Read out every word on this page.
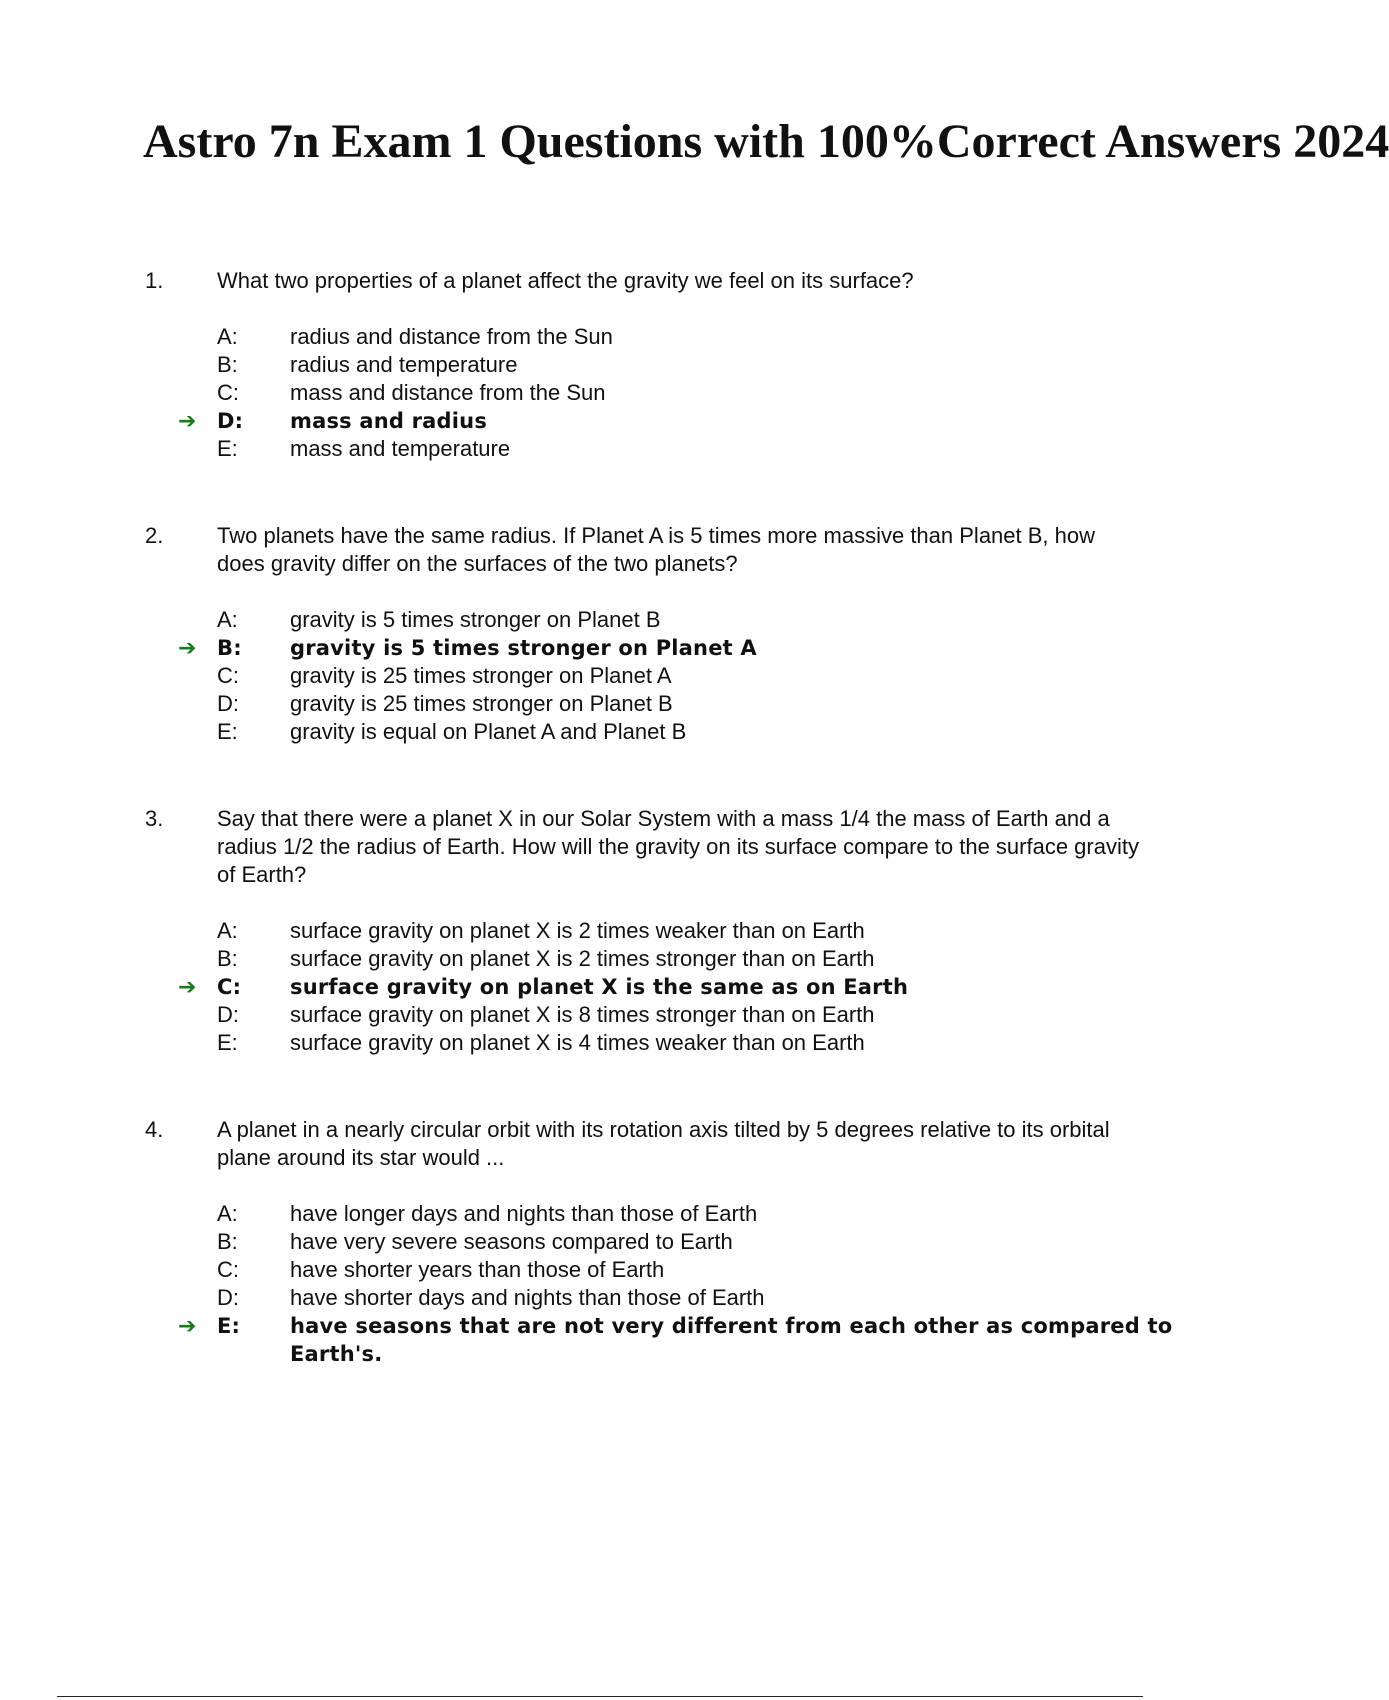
Astro 7n Exam 1 Questions with 100%Correct Answers 2024
1. What two properties of a planet affect the gravity we feel on its surface?
A: radius and distance from the Sun
B: radius and temperature
C: mass and distance from the Sun
➔ D: mass and radius
E: mass and temperature
2. Two planets have the same radius. If Planet A is 5 times more massive than Planet B, how does gravity differ on the surfaces of the two planets?
A: gravity is 5 times stronger on Planet B
➔ B: gravity is 5 times stronger on Planet A
C: gravity is 25 times stronger on Planet A
D: gravity is 25 times stronger on Planet B
E: gravity is equal on Planet A and Planet B
3. Say that there were a planet X in our Solar System with a mass 1/4 the mass of Earth and a radius 1/2 the radius of Earth. How will the gravity on its surface compare to the surface gravity of Earth?
A: surface gravity on planet X is 2 times weaker than on Earth
B: surface gravity on planet X is 2 times stronger than on Earth
➔ C: surface gravity on planet X is the same as on Earth
D: surface gravity on planet X is 8 times stronger than on Earth
E: surface gravity on planet X is 4 times weaker than on Earth
4. A planet in a nearly circular orbit with its rotation axis tilted by 5 degrees relative to its orbital plane around its star would ...
A: have longer days and nights than those of Earth
B: have very severe seasons compared to Earth
C: have shorter years than those of Earth
D: have shorter days and nights than those of Earth
➔ E: have seasons that are not very different from each other as compared to Earth's.
